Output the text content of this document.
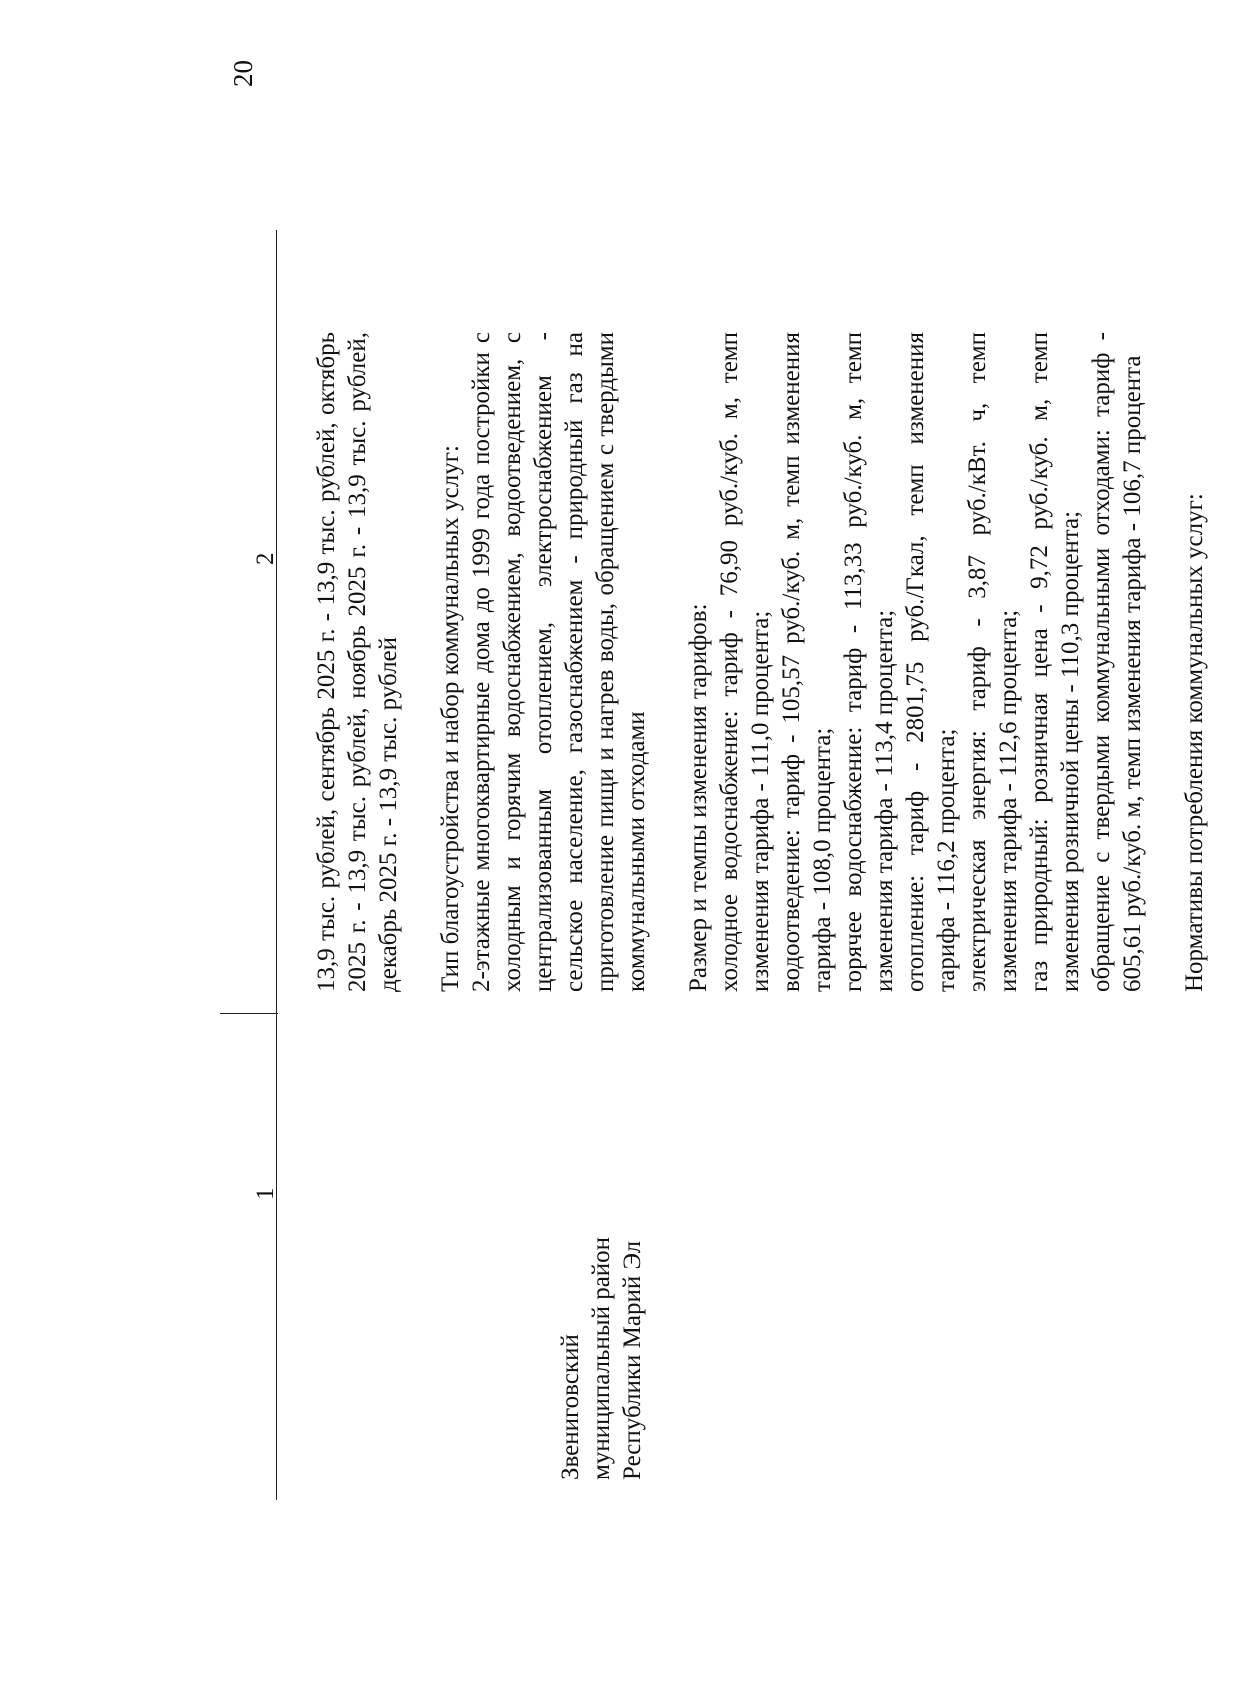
20
1
2
Звениговский муниципальный район Республики Марий Эл

13,9 тыс. рублей, сентябрь 2025 г. - 13,9 тыс. рублей, октябрь 2025 г. - 13,9 тыс. рублей, ноябрь 2025 г. - 13,9 тыс. рублей, декабрь 2025 г. - 13,9 тыс. рублей Тип благоустройства и набор коммунальных услуг: 2-этажные многоквартирные дома до 1999 года постройки с холодным и горячим водоснабжением, водоотведением, с централизованным отоплением, электроснабжением - сельское население, газоснабжением - природный газ на приготовление пищи и нагрев воды, обращением с твердыми коммунальными отходами Размер и темпы изменения тарифов: холодное водоснабжение: тариф - 76,90 руб./куб. м, темп изменения тарифа - 111,0 процента; водоотведение: тариф - 105,57 руб./куб. м, темп изменения тарифа - 108,0 процента; горячее водоснабжение: тариф - 113,33 руб./куб. м, темп изменения тарифа - 113,4 процента; отопление: тариф - 2801,75 руб./Гкал, темп изменения тарифа - 116,2 процента; электрическая энергия: тариф - 3,87 руб./кВт. ч, темп изменения тарифа - 112,6 процента; газ природный: розничная цена - 9,72 руб./куб. м, темп изменения розничной цены - 110,3 процента; обращение с твердыми коммунальными отходами: тариф - 605,61 руб./куб. м, темп изменения тарифа - 106,7 процента Нормативы потребления коммунальных услуг:
